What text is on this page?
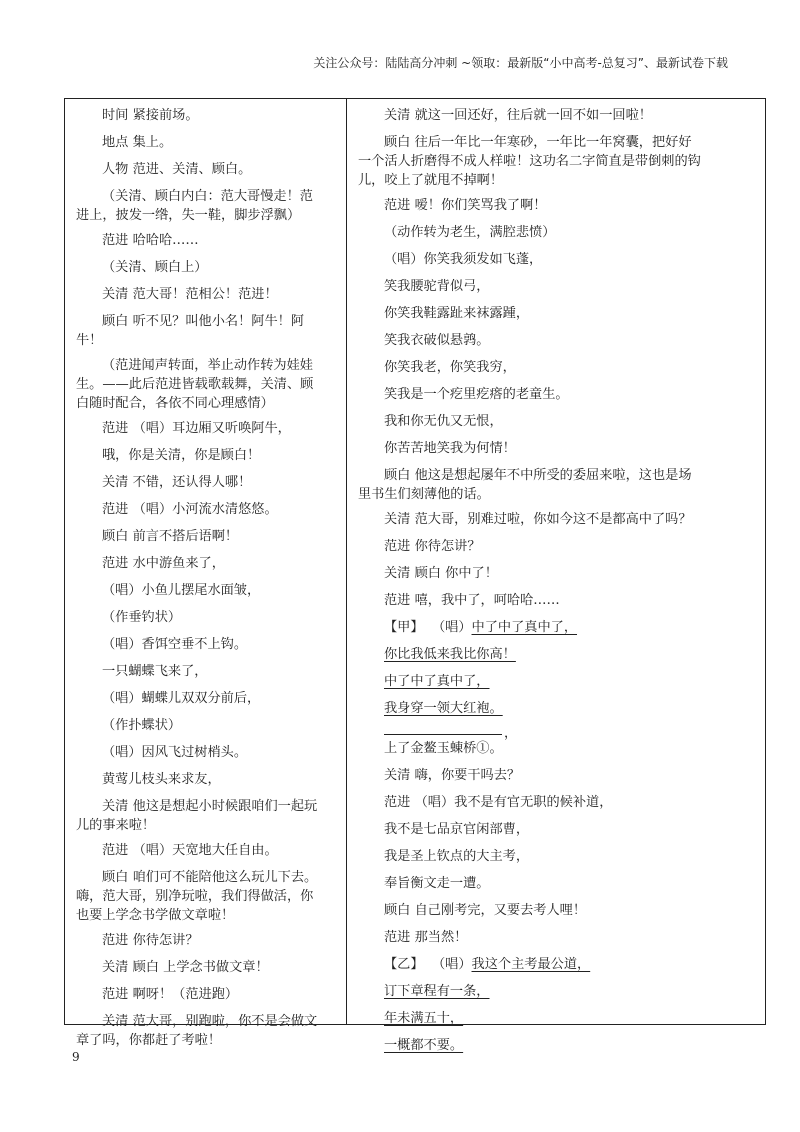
关注公众号：陆陆高分冲刺 ~领取：最新版“小中高考-总复习”、最新试卷下载
时间 紧接前场。
地点 集上。
人物 范进、关清、顾白。
（关清、顾白内白：范大哥慢走！范
进上，披发一绺，失一鞋，脚步浮飘）
范进 哈哈哈……
（关清、顾白上）
关清 范大哥！范相公！范进！
顾白 听不见？叫他小名！阿牛！阿
牛！
（范进闻声转面，举止动作转为娃娃
生。——此后范进皆载歌载舞，关清、顾
白随时配合，各依不同心理感情）
范进 （唱）耳边厢又听唤阿牛，
哦，你是关清，你是顾白！
关清 不错，还认得人哪！
范进 （唱）小河流水清悠悠。
顾白 前言不搭后语啊！
范进 水中游鱼来了，
（唱）小鱼儿摆尾水面皱，
（作垂钓状）
（唱）香饵空垂不上钩。
一只蝴蝶飞来了，
（唱）蝴蝶儿双双分前后，
（作扑蝶状）
（唱）因风飞过树梢头。
黄莺儿枝头来求友，
关清 他这是想起小时候跟咱们一起玩
儿的事来啦！
范进 （唱）天宽地大任自由。
顾白 咱们可不能陪他这么玩儿下去。
嗨，范大哥，别净玩啦，我们得做活，你
也要上学念书学做文章啦！
范进 你待怎讲？
关清 顾白 上学念书做文章！
范进 啊呀！（范进跑）
关清 范大哥，别跑啦，你不是会做文
章了吗，你都赶了考啦！
【甲】 （唱）中了中了真中了，
你比我低来我比你高！
中了中了真中了，
我身穿一领大红袍。
，
上了金鳌玉蝀桥①。
【乙】 （唱）我这个主考最公道，
订下章程有一条，
年未满五十，
一概都不要。
关清 就这一回还好，往后就一回不如一回啦！
顾白 往后一年比一年寒砂，一年比一年窝囊，把好好
一个活人折磨得不成人样啦！这功名二字简直是带倒刺的钩
儿，咬上了就甩不掉啊！
范进 嗳！你们笑骂我了啊！
（动作转为老生，满腔悲愤）
（唱）你笑我须发如飞蓬，
笑我腰驼背似弓，
你笑我鞋露趾来袜露踵，
笑我衣破似悬鹑。
你笑我老，你笑我穷，
笑我是一个疙里疙瘩的老童生。
我和你无仇又无恨，
你苦苦地笑我为何情！
顾白 他这是想起屡年不中所受的委屈来啦，这也是场
里书生们刻薄他的话。
关清 范大哥，别难过啦，你如今这不是都高中了吗？
范进 你待怎讲？
关清 顾白 你中了！
范进 嘻，我中了，呵哈哈……
关清 嗨，你要干吗去？
范进 （唱）我不是有官无职的候补道，
我不是七品京官闲部曹，
我是圣上钦点的大主考，
奉旨衡文走一遭。
顾白 自己刚考完，又要去考人哩！
范进 那当然！
9
